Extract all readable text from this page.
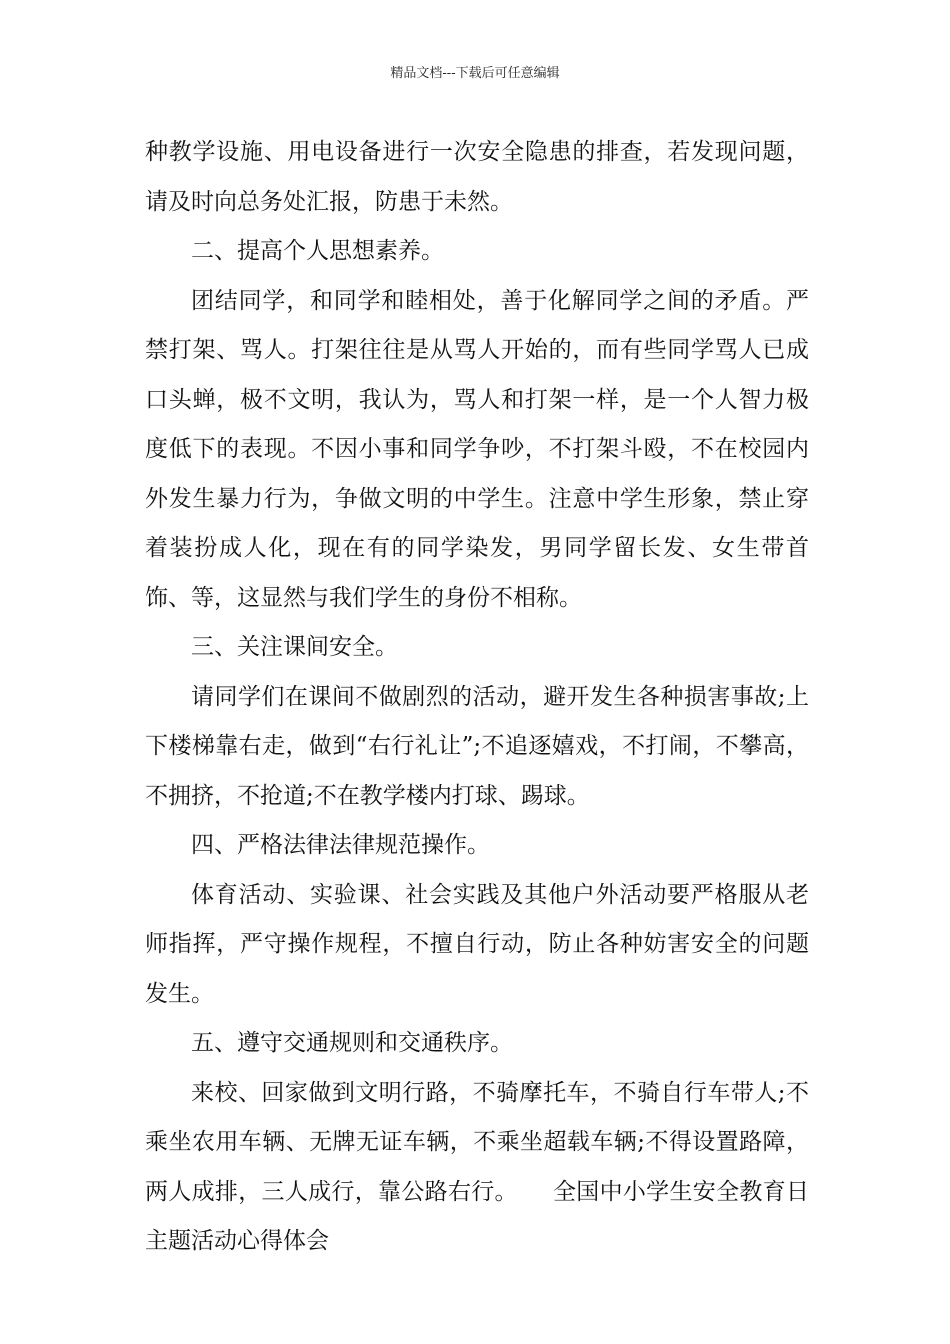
精品文档---下载后可任意编辑

种教学设施、用电设备进行一次安全隐患的排查，若发现问题，请及时向总务处汇报，防患于未然。

二、提高个人思想素养。

团结同学，和同学和睦相处，善于化解同学之间的矛盾。严禁打架、骂人。打架往往是从骂人开始的，而有些同学骂人已成口头蝉，极不文明，我认为，骂人和打架一样，是一个人智力极度低下的表现。不因小事和同学争吵，不打架斗殴，不在校园内外发生暴力行为，争做文明的中学生。注意中学生形象，禁止穿着装扮成人化，现在有的同学染发，男同学留长发、女生带首饰、等，这显然与我们学生的身份不相称。

三、关注课间安全。

请同学们在课间不做剧烈的活动，避开发生各种损害事故;上下楼梯靠右走，做到“右行礼让”;不追逐嬉戏，不打闹，不攀高，不拥挤，不抢道;不在教学楼内打球、踢球。

四、严格法律法律规范操作。

体育活动、实验课、社会实践及其他户外活动要严格服从老师指挥，严守操作规程，不擅自行动，防止各种妨害安全的问题发生。

五、遵守交通规则和交通秩序。

来校、回家做到文明行路，不骑摩托车，不骑自行车带人;不乘坐农用车辆、无牌无证车辆，不乘坐超载车辆;不得设置路障，两人成排，三人成行，靠公路右行。　　全国中小学生安全教育日主题活动心得体会
